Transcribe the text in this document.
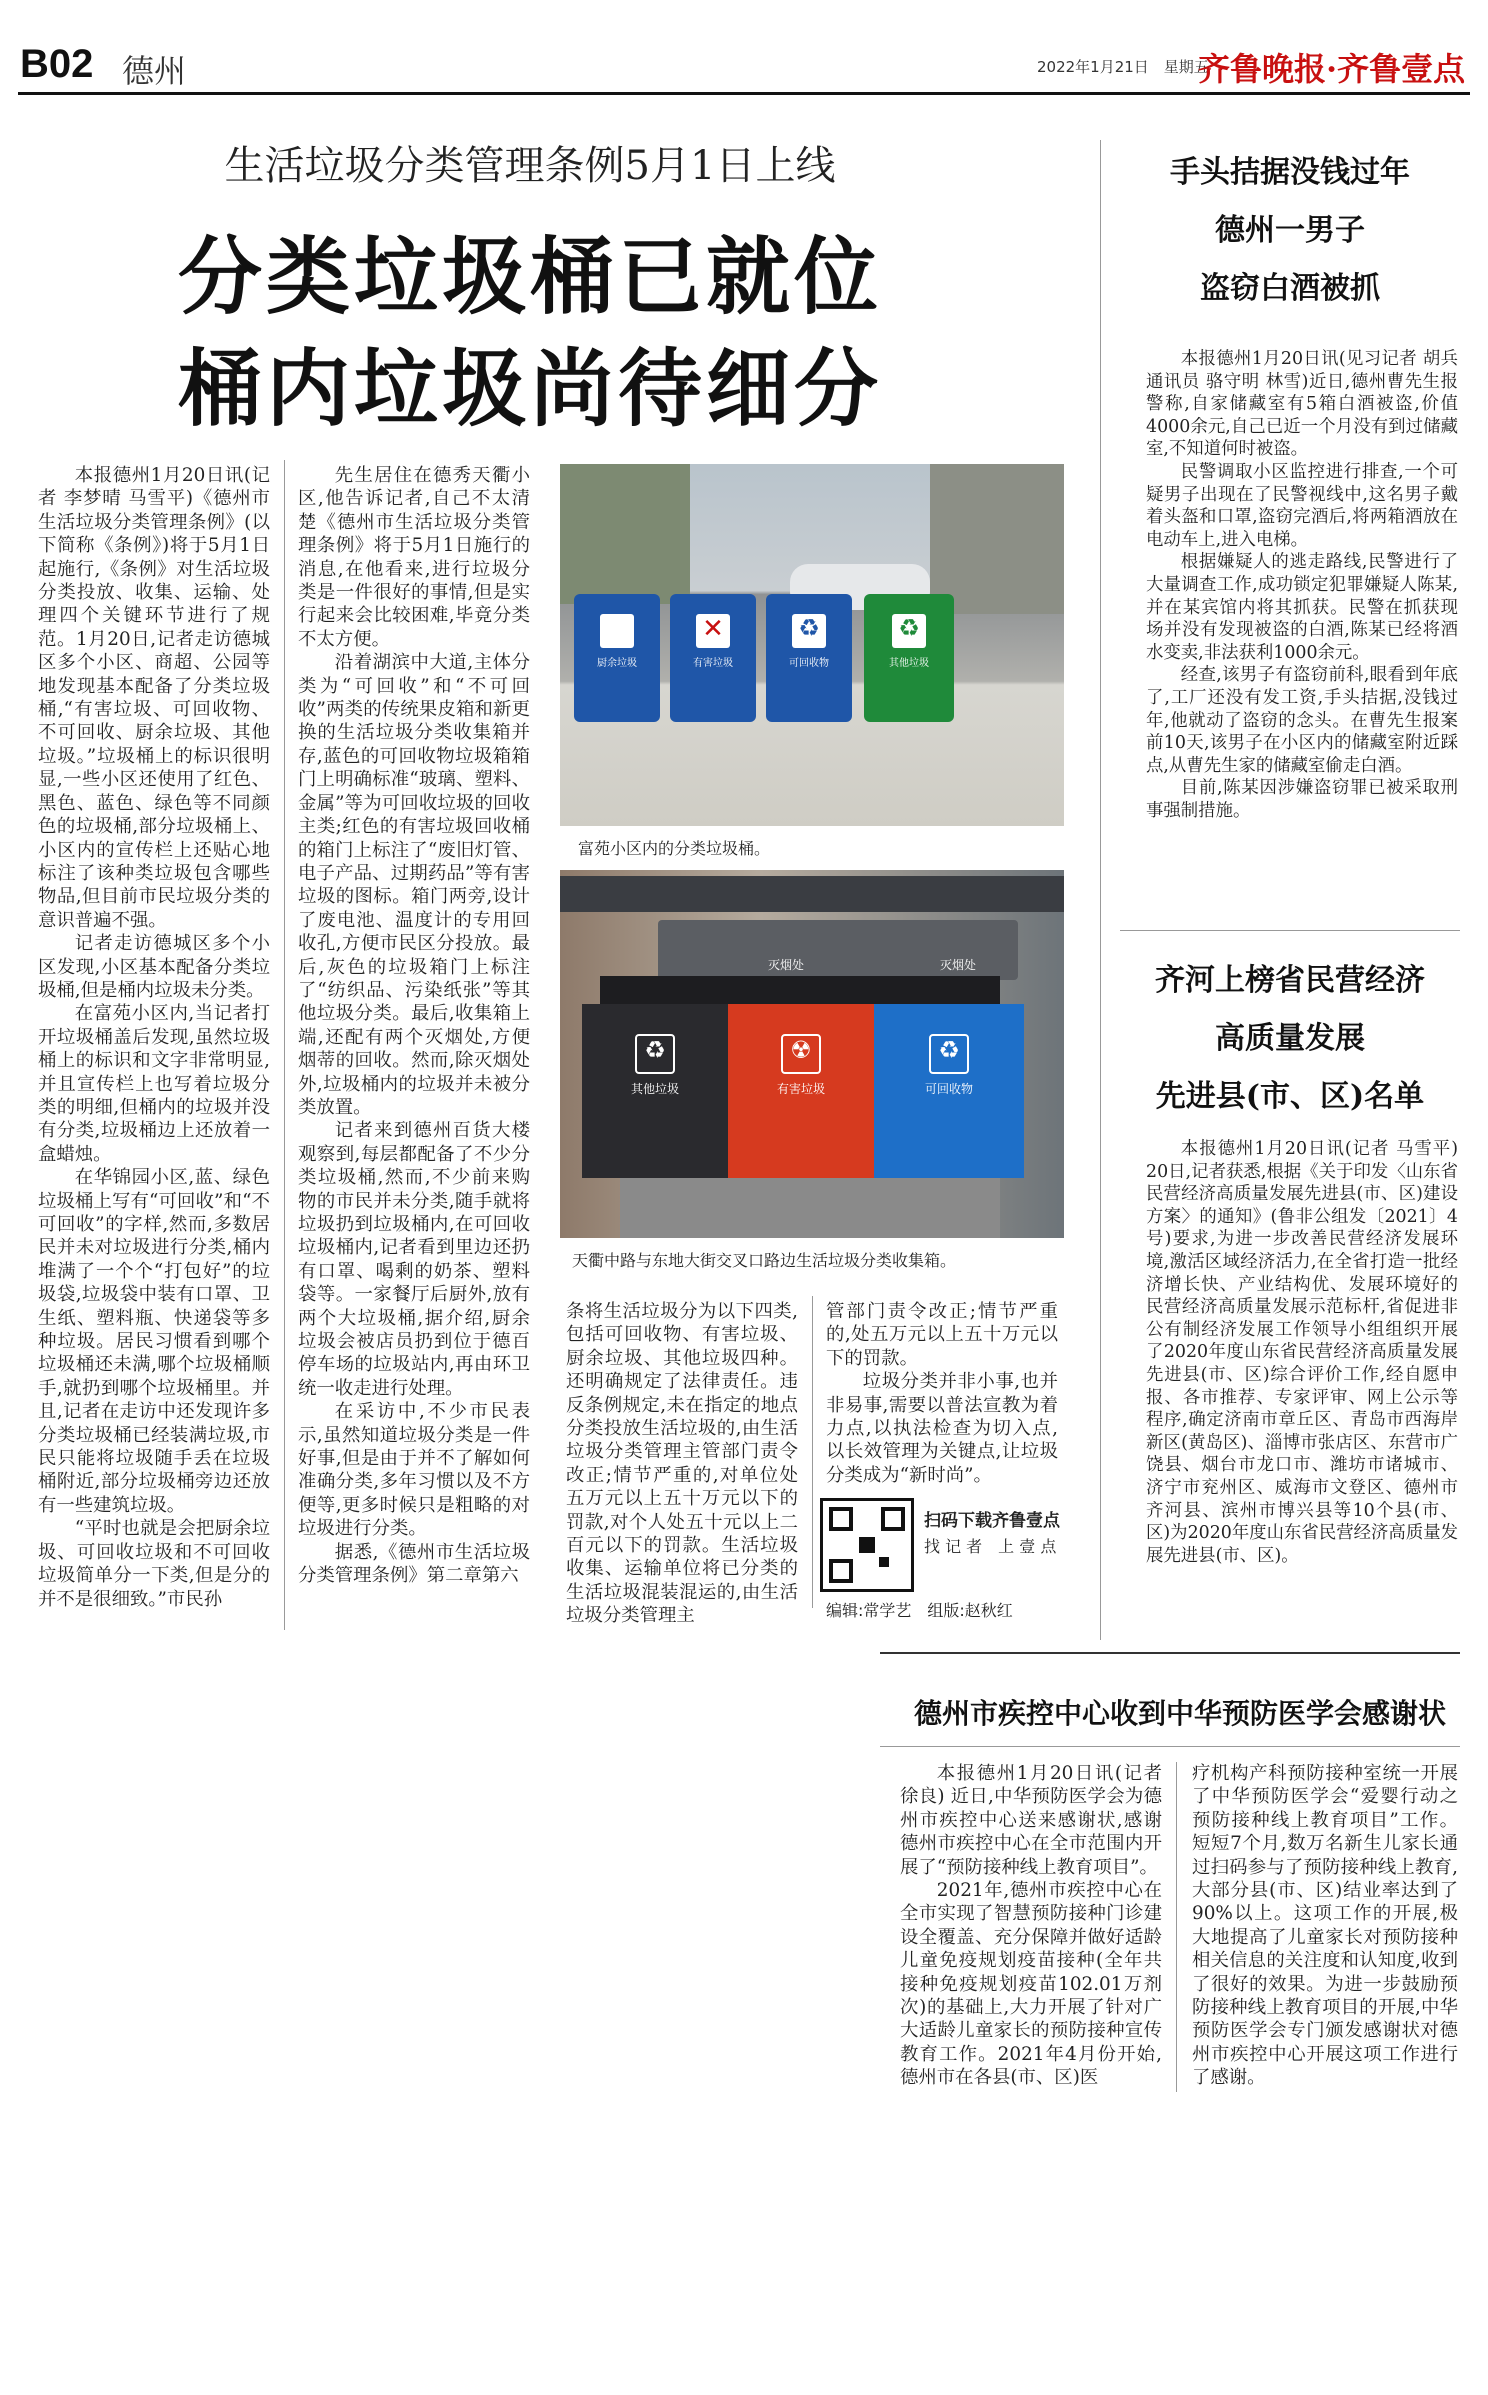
B02 德州	2022年1月21日　星期五
齐鲁晚报·齐鲁壹点
生活垃圾分类管理条例5月1日上线
分类垃圾桶已就位
桶内垃圾尚待细分

本报德州1月20日讯(记者 李梦晴 马雪平)《德州市生活垃圾分类管理条例》(以下简称《条例》)将于5月1日起施行,《条例》对生活垃圾分类投放、收集、运输、处理四个关键环节进行了规范。1月20日,记者走访德城区多个小区、商超、公园等地发现基本配备了分类垃圾桶,“有害垃圾、可回收物、不可回收、厨余垃圾、其他垃圾。”垃圾桶上的标识很明显,一些小区还使用了红色、黑色、蓝色、绿色等不同颜色的垃圾桶,部分垃圾桶上、小区内的宣传栏上还贴心地标注了该种类垃圾包含哪些物品,但目前市民垃圾分类的意识普遍不强。

记者走访德城区多个小区发现,小区基本配备分类垃圾桶,但是桶内垃圾未分类。

在富苑小区内,当记者打开垃圾桶盖后发现,虽然垃圾桶上的标识和文字非常明显,并且宣传栏上也写着垃圾分类的明细,但桶内的垃圾并没有分类,垃圾桶边上还放着一盒蜡烛。

在华锦园小区,蓝、绿色垃圾桶上写有“可回收”和“不可回收”的字样,然而,多数居民并未对垃圾进行分类,桶内堆满了一个个“打包好”的垃圾袋,垃圾袋中装有口罩、卫生纸、塑料瓶、快递袋等多种垃圾。居民习惯看到哪个垃圾桶还未满,哪个垃圾桶顺手,就扔到哪个垃圾桶里。并且,记者在走访中还发现许多分类垃圾桶已经装满垃圾,市民只能将垃圾随手丢在垃圾桶附近,部分垃圾桶旁边还放有一些建筑垃圾。

“平时也就是会把厨余垃圾、可回收垃圾和不可回收垃圾简单分一下类,但是分的并不是很细致。”市民孙

先生居住在德秀天衢小区,他告诉记者,自己不太清楚《德州市生活垃圾分类管理条例》将于5月1日施行的消息,在他看来,进行垃圾分类是一件很好的事情,但是实行起来会比较困难,毕竟分类不太方便。

沿着湖滨中大道,主体分类为“可回收”和“不可回收”两类的传统果皮箱和新更换的生活垃圾分类收集箱并存,蓝色的可回收物垃圾箱箱门上明确标准“玻璃、塑料、金属”等为可回收垃圾的回收主类;红色的有害垃圾回收桶的箱门上标注了“废旧灯管、电子产品、过期药品”等有害垃圾的图标。箱门两旁,设计了废电池、温度计的专用回收孔,方便市民区分投放。最后,灰色的垃圾箱门上标注了“纺织品、污染纸张”等其他垃圾分类。最后,收集箱上端,还配有两个灭烟处,方便烟蒂的回收。然而,除灭烟处外,垃圾桶内的垃圾并未被分类放置。

记者来到德州百货大楼观察到,每层都配备了不少分类垃圾桶,然而,不少前来购物的市民并未分类,随手就将垃圾扔到垃圾桶内,在可回收垃圾桶内,记者看到里边还扔有口罩、喝剩的奶茶、塑料袋等。一家餐厅后厨外,放有两个大垃圾桶,据介绍,厨余垃圾会被店员扔到位于德百停车场的垃圾站内,再由环卫统一收走进行处理。

在采访中,不少市民表示,虽然知道垃圾分类是一件好事,但是由于并不了解如何准确分类,多年习惯以及不方便等,更多时候只是粗略的对垃圾进行分类。

据悉,《德州市生活垃圾分类管理条例》第二章第六

厨余垃圾
✕
有害垃圾
♻
可回收物
♻
其他垃圾
富苑小区内的分类垃圾桶。
灭烟处	灭烟处
♻
其他垃圾
☢
有害垃圾
♻
可回收物
天衢中路与东地大街交叉口路边生活垃圾分类收集箱。

条将生活垃圾分为以下四类,包括可回收物、有害垃圾、厨余垃圾、其他垃圾四种。还明确规定了法律责任。违反条例规定,未在指定的地点分类投放生活垃圾的,由生活垃圾分类管理主管部门责令改正;情节严重的,对单位处五万元以上五十万元以下的罚款,对个人处五十元以上二百元以下的罚款。生活垃圾收集、运输单位将已分类的生活垃圾混装混运的,由生活垃圾分类管理主

管部门责令改正;情节严重的,处五万元以上五十万元以下的罚款。

垃圾分类并非小事,也并非易事,需要以普法宣教为着力点,以执法检查为切入点,以长效管理为关键点,让垃圾分类成为“新时尚”。

扫码下载齐鲁壹点
找 记 者　上 壹 点
编辑:常学艺　组版:赵秋红
手头拮据没钱过年
德州一男子
盗窃白酒被抓

本报德州1月20日讯(见习记者 胡兵 通讯员 骆守明 林雪)近日,德州曹先生报警称,自家储藏室有5箱白酒被盗,价值4000余元,自己已近一个月没有到过储藏室,不知道何时被盗。

民警调取小区监控进行排查,一个可疑男子出现在了民警视线中,这名男子戴着头盔和口罩,盗窃完酒后,将两箱酒放在电动车上,进入电梯。

根据嫌疑人的逃走路线,民警进行了大量调查工作,成功锁定犯罪嫌疑人陈某,并在某宾馆内将其抓获。民警在抓获现场并没有发现被盗的白酒,陈某已经将酒水变卖,非法获利1000余元。

经查,该男子有盗窃前科,眼看到年底了,工厂还没有发工资,手头拮据,没钱过年,他就动了盗窃的念头。在曹先生报案前10天,该男子在小区内的储藏室附近踩点,从曹先生家的储藏室偷走白酒。

目前,陈某因涉嫌盗窃罪已被采取刑事强制措施。

齐河上榜省民营经济
高质量发展
先进县(市、区)名单

本报德州1月20日讯(记者 马雪平) 20日,记者获悉,根据《关于印发〈山东省民营经济高质量发展先进县(市、区)建设方案〉的通知》(鲁非公组发〔2021〕4号)要求,为进一步改善民营经济发展环境,激活区域经济活力,在全省打造一批经济增长快、产业结构优、发展环境好的民营经济高质量发展示范标杆,省促进非公有制经济发展工作领导小组组织开展了2020年度山东省民营经济高质量发展先进县(市、区)综合评价工作,经自愿申报、各市推荐、专家评审、网上公示等程序,确定济南市章丘区、青岛市西海岸新区(黄岛区)、淄博市张店区、东营市广饶县、烟台市龙口市、潍坊市诸城市、济宁市兖州区、威海市文登区、德州市齐河县、滨州市博兴县等10个县(市、区)为2020年度山东省民营经济高质量发展先进县(市、区)。

德州市疾控中心收到中华预防医学会感谢状

本报德州1月20日讯(记者 徐良) 近日,中华预防医学会为德州市疾控中心送来感谢状,感谢德州市疾控中心在全市范围内开展了“预防接种线上教育项目”。

2021年,德州市疾控中心在全市实现了智慧预防接种门诊建设全覆盖、充分保障并做好适龄儿童免疫规划疫苗接种(全年共接种免疫规划疫苗102.01万剂次)的基础上,大力开展了针对广大适龄儿童家长的预防接种宣传教育工作。2021年4月份开始,德州市在各县(市、区)医

疗机构产科预防接种室统一开展了中华预防医学会“爱婴行动之预防接种线上教育项目”工作。短短7个月,数万名新生儿家长通过扫码参与了预防接种线上教育,大部分县(市、区)结业率达到了90%以上。这项工作的开展,极大地提高了儿童家长对预防接种相关信息的关注度和认知度,收到了很好的效果。为进一步鼓励预防接种线上教育项目的开展,中华预防医学会专门颁发感谢状对德州市疾控中心开展这项工作进行了感谢。
